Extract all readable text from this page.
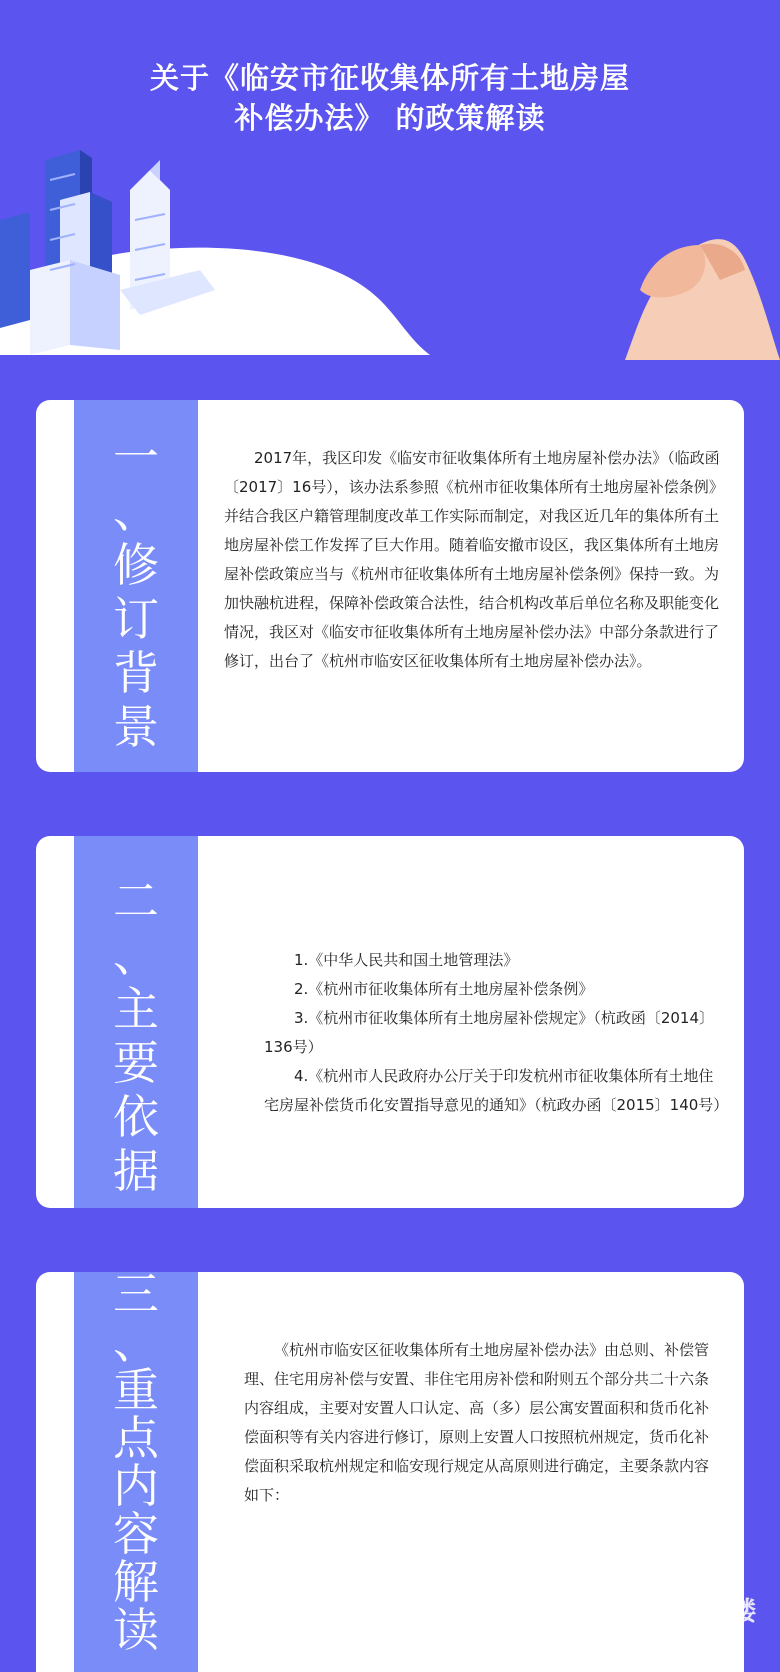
关于《临安市征收集体所有土地房屋
补偿办法》 的政策解读
一
、
修
订
背
景

2017年，我区印发《临安市征收集体所有土地房屋补偿办法》（临政函〔2017〕16号），该办法系参照《杭州市征收集体所有土地房屋补偿条例》并结合我区户籍管理制度改革工作实际而制定，对我区近几年的集体所有土地房屋补偿工作发挥了巨大作用。随着临安撤市设区，我区集体所有土地房屋补偿政策应当与《杭州市征收集体所有土地房屋补偿条例》保持一致。为加快融杭进程，保障补偿政策合法性，结合机构改革后单位名称及职能变化情况，我区对《临安市征收集体所有土地房屋补偿办法》中部分条款进行了修订，出台了《杭州市临安区征收集体所有土地房屋补偿办法》。

二
、
主
要
依
据

1.《中华人民共和国土地管理法》

2.《杭州市征收集体所有土地房屋补偿条例》

3.《杭州市征收集体所有土地房屋补偿规定》（杭政函〔2014〕136号）

4.《杭州市人民政府办公厅关于印发杭州市征收集体所有土地住宅房屋补偿货币化安置指导意见的通知》（杭政办函〔2015〕140号）

三
、
重
点
内
容
解
读

《杭州市临安区征收集体所有土地房屋补偿办法》由总则、补偿管理、住宅用房补偿与安置、非住宅用房补偿和附则五个部分共二十六条内容组成，主要对安置人口认定、高（多）层公寓安置面积和货币化补偿面积等有关内容进行修订，原则上安置人口按照杭州规定，货币化补偿面积采取杭州规定和临安现行规定从高原则进行确定，主要条款内容如下：

19楼
